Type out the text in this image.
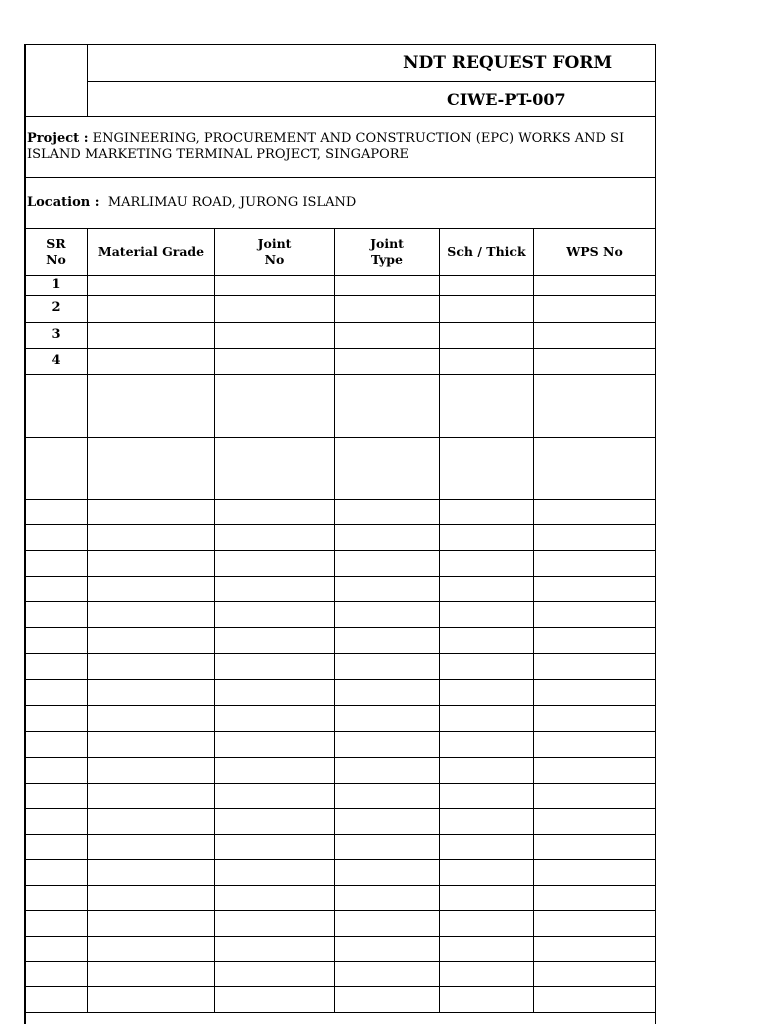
NDT REQUEST FORM
CIWE-PT-007
Project : ENGINEERING, PROCUREMENT AND CONSTRUCTION (EPC) WORKS AND SI
ISLAND MARKETING TERMINAL PROJECT, SINGAPORE
Location : MARLIMAU ROAD, JURONG ISLAND
SR
No
Material Grade
Joint
No
Joint
Type
Sch / Thick	WPS No
1
2
3
4
